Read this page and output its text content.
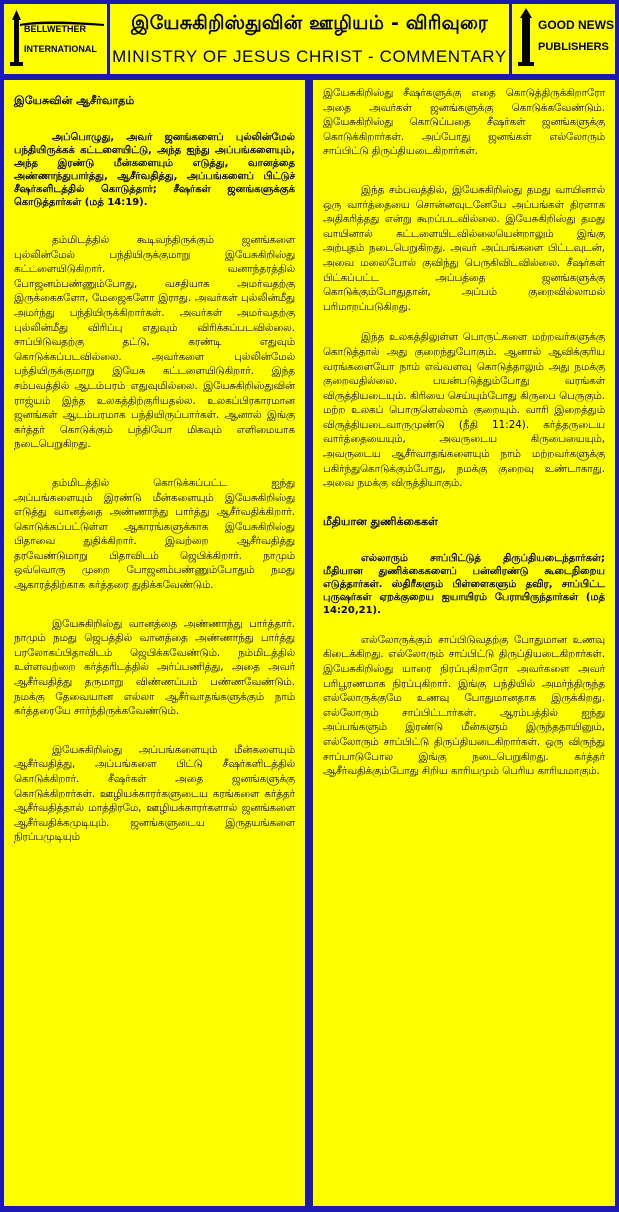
BELLWETHER
INTERNATIONAL
இயேசுகிறிஸ்துவின் ஊழியம் - விரிவுரை
MINISTRY OF JESUS CHRIST - COMMENTARY
GOOD NEWS
PUBLISHERS
இயேசுவின் ஆசீர்வாதம்

அப்பொழுது, அவர் ஜனங்களைப் புல்லின்மேல் பந்தியிருக்கக் கட்டளையிட்டு, அந்த ஐந்து அப்பங்களையும், அந்த இரண்டு மீன்களையும் எடுத்து, வானத்தை அண்ணாந்துபார்த்து, ஆசீர்வதித்து, அப்பங்களைப் பிட்டுச் சீஷர்களிடத்தில் கொடுத்தார்; சீஷர்கள் ஜனங்களுக்குக் கொடுத்தார்கள் (மத் 14:19).

தம்மிடத்தில் கூடிவந்திருக்கும் ஜனங்களை புல்லின்மேல் பந்தியிருக்குமாறு இயேசுகிறிஸ்து கட்டளையிடுகிறார். வனாந்தரத்தில் போஜனம்பண்ணும்போது, வசதியாக அமர்வதற்கு இருக்கைகளோ, மேஜைகளோ இராது. அவர்கள் புல்லின்மீது அமர்ந்து பந்தியிருக்கிறார்கள். அவர்கள் அமர்வதற்கு புல்லின்மீது விரிப்பு எதுவும் விரிக்கப்படவில்லை. சாப்பிடுவதற்கு தட்டு, கரண்டி எதுவும் கொடுக்கப்படவில்லை. அவர்களை புல்லின்மேல் பந்தியிருக்குமாறு இயேசு கட்டளையிடுகிறார். இந்த சம்பவத்தில் ஆடம்பரம் எதுவுமில்லை. இயேசுகிறிஸ்துவின் ராஜ்யம் இந்த உலகத்திற்குரியதல்ல. உலகப்பிரகாரமான ஜனங்கள் ஆடம்பரமாக பந்தியிருப்பார்கள். ஆனால் இங்கு கர்த்தர் கொடுக்கும் பந்தியோ மிகவும் எளிமையாக நடைபெறுகிறது.

தம்மிடத்தில் கொடுக்கப்பட்ட ஐந்து அப்பங்களையும் இரண்டு மீன்களையும் இயேசுகிறிஸ்து எடுத்து வானத்தை அண்ணாந்து பார்த்து ஆசீர்வதிக்கிறார். கொடுக்கப்பட்டுள்ள ஆகாரங்களுக்காக இயேசுகிறிஸ்து பிதாவை துதிக்கிறார். இவற்றை ஆசீர்வதித்து தரவேண்டுமாறு பிதாவிடம் ஜெபிக்கிறார். நாமும் ஒவ்வொரு முறை போஜனம்பண்ணும்போதும் நமது ஆகாரத்திற்காக கர்த்தரை துதிக்கவேண்டும்.

இயேசுகிறிஸ்து வானத்தை அண்ணாந்து பார்த்தார். நாமும் நமது ஜெபத்தில் வானத்தை அண்ணாந்து பார்த்து பரலோகப்பிதாவிடம் ஜெபிக்கவேண்டும். நம்மிடத்தில் உள்ளவற்றை கர்த்தரிடத்தில் அர்ப்பணித்து, அதை அவர் ஆசீர்வதித்து தருமாறு விண்ணப்பம் பண்ணவேண்டும். நமக்கு தேவையான எல்லா ஆசீர்வாதங்களுக்கும் நாம் கர்த்தரையே சார்ந்திருக்கவேண்டும்.

இயேசுகிறிஸ்து அப்பங்களையும் மீன்களையும் ஆசீர்வதித்து, அப்பங்களை பிட்டு சீஷர்களிடத்தில் கொடுக்கிறார். சீஷர்கள் அதை ஜனங்களுக்கு கொடுக்கிறார்கள். ஊழியக்காரர்களுடைய கரங்களை கர்த்தர் ஆசீர்வதித்தால் மாத்திரமே, ஊழியக்காரர்களால் ஜனங்களை ஆசீர்வதிக்கமுடியும். ஜனங்களுடைய இருதயங்களை நிரப்பமுடியும்

இயேசுகிறிஸ்து சீஷர்களுக்கு எதை கொடுத்திருக்கிறாரோ அதை அவர்கள் ஜனங்களுக்கு கொடுக்கவேண்டும். இயேசுகிறிஸ்து கொடுப்பதை சீஷர்கள் ஜனங்களுக்கு கொடுக்கிறார்கள். அப்போது ஜனங்கள் எல்லோரும் சாப்பிட்டு திருப்தியடைகிறார்கள்.

இந்த சம்பவத்தில், இயேசுகிறிஸ்து தமது வாயினால் ஒரு வார்த்தையை சொன்னவுடனேயே அப்பங்கள் திரளாக அதிகரித்தது என்று கூறப்படவில்லை. இயேசுகிறிஸ்து தமது வாயினால் கட்டளையிடவில்லையென்றாலும் இங்கு அற்புதம் நடைபெறுகிறது. அவர் அப்பங்களை பிட்டவுடன், அவை மலைபோல் குவிந்து பெருகிவிடவில்லை. சீஷர்கள் பிட்கப்பட்ட அப்பத்தை ஜனங்களுக்கு கொடுக்கும்போதுதான், அப்பம் குறைவில்லாமல் பரிமாறப்படுகிறது.

இந்த உலகத்திலுள்ள பொருட்களை மற்றவர்களுக்கு கொடுத்தால் அது குறைந்துபோகும். ஆனால் ஆவிக்குரிய வரங்களையோ நாம் எவ்வளவு கொடுத்தாலும் அது நமக்கு குறைவதில்லை. பயன்படுத்தும்போது வரங்கள் விருத்தியடையும். கிரியை செய்யும்போது கிருபை பெருகும். மற்ற உலகப் பொருளெல்லாம் குறையும். வாரி இறைத்தும் விருத்தியடைவாருமுண்டு (நீதி 11:24). கர்த்தருடைய வார்த்தையையும், அவருடைய கிருபையையும், அவருடைய ஆசீர்வாதங்களையும் நாம் மற்றவர்களுக்கு பகிர்ந்துகொடுக்கும்போது, நமக்கு குறைவு உண்டாகாது. அவை நமக்கு விருத்தியாகும்.

மீதியான துணிக்கைகள்

எல்லாரும் சாப்பிட்டுத் திருப்தியடைந்தார்கள்; மீதியான துணிக்கைகளைப் பன்னிரண்டு கூடைநிறைய எடுத்தார்கள். ஸ்திரீகளும் பிள்ளைகளும் தவிர, சாப்பிட்ட புருஷர்கள் ஏறக்குறைய ஐயாயிரம் பேராயிருந்தார்கள் (மத் 14:20,21).

எல்லோருக்கும் சாப்பிடுவதற்கு போதுமான உணவு கிடைக்கிறது. எல்லோரும் சாப்பிட்டு திருப்தியடைகிறார்கள். இயேசுகிறிஸ்து யாரை நிரப்புகிறாரோ அவர்களை அவர் பரிபூரணமாக நிரப்புகிறார். இங்கு பந்தியில் அமர்ந்திருந்த எல்லோருக்குமே உணவு போதுமானதாக இருக்கிறது. எல்லோரும் சாப்பிட்டார்கள். ஆரம்பத்தில் ஐந்து அப்பங்களும் இரண்டு மீன்களும் இருந்ததாயினும், எல்லோரும் சாப்பிட்டு திருப்தியடைகிறார்கள். ஒரு விருந்து சாப்பாடுபோல இங்கு நடைபெறுகிறது. கர்த்தர் ஆசீர்வதிக்கும்போது சிறிய காரியமும் பெரிய காரியமாகும்.
